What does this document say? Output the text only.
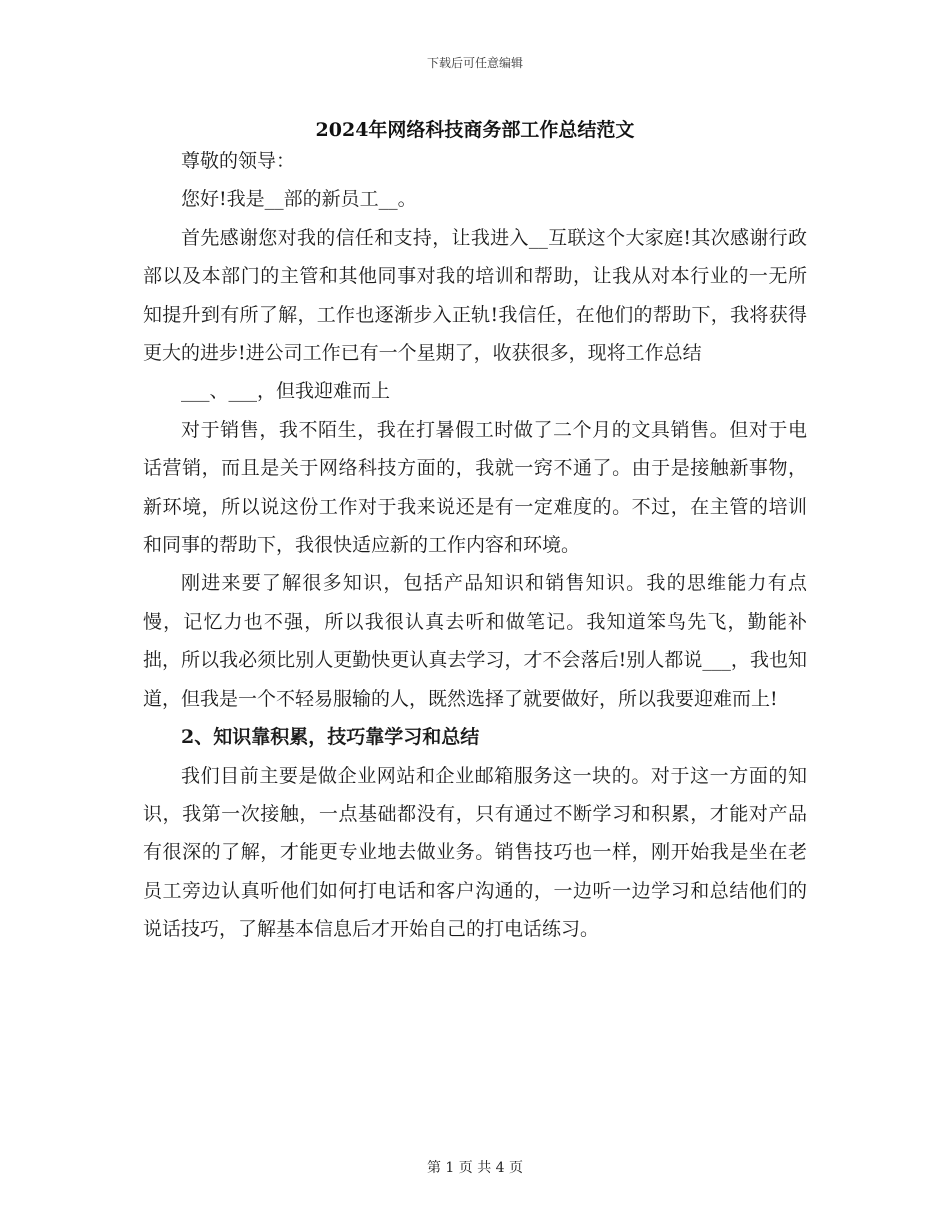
下载后可任意编辑
2024年网络科技商务部工作总结范文

尊敬的领导：

您好!我是__部的新员工__。

首先感谢您对我的信任和支持，让我进入__互联这个大家庭!其次感谢行政部以及本部门的主管和其他同事对我的培训和帮助，让我从对本行业的一无所知提升到有所了解，工作也逐渐步入正轨!我信任，在他们的帮助下，我将获得更大的进步!进公司工作已有一个星期了，收获很多，现将工作总结

___、___，但我迎难而上

对于销售，我不陌生，我在打暑假工时做了二个月的文具销售。但对于电话营销，而且是关于网络科技方面的，我就一窍不通了。由于是接触新事物，新环境，所以说这份工作对于我来说还是有一定难度的。不过，在主管的培训和同事的帮助下，我很快适应新的工作内容和环境。

刚进来要了解很多知识，包括产品知识和销售知识。我的思维能力有点慢，记忆力也不强，所以我很认真去听和做笔记。我知道笨鸟先飞，勤能补拙，所以我必须比别人更勤快更认真去学习，才不会落后!别人都说___，我也知道，但我是一个不轻易服输的人，既然选择了就要做好，所以我要迎难而上!

2、知识靠积累，技巧靠学习和总结

我们目前主要是做企业网站和企业邮箱服务这一块的。对于这一方面的知识，我第一次接触，一点基础都没有，只有通过不断学习和积累，才能对产品有很深的了解，才能更专业地去做业务。销售技巧也一样，刚开始我是坐在老员工旁边认真听他们如何打电话和客户沟通的，一边听一边学习和总结他们的说话技巧，了解基本信息后才开始自己的打电话练习。

第 1 页 共 4 页
